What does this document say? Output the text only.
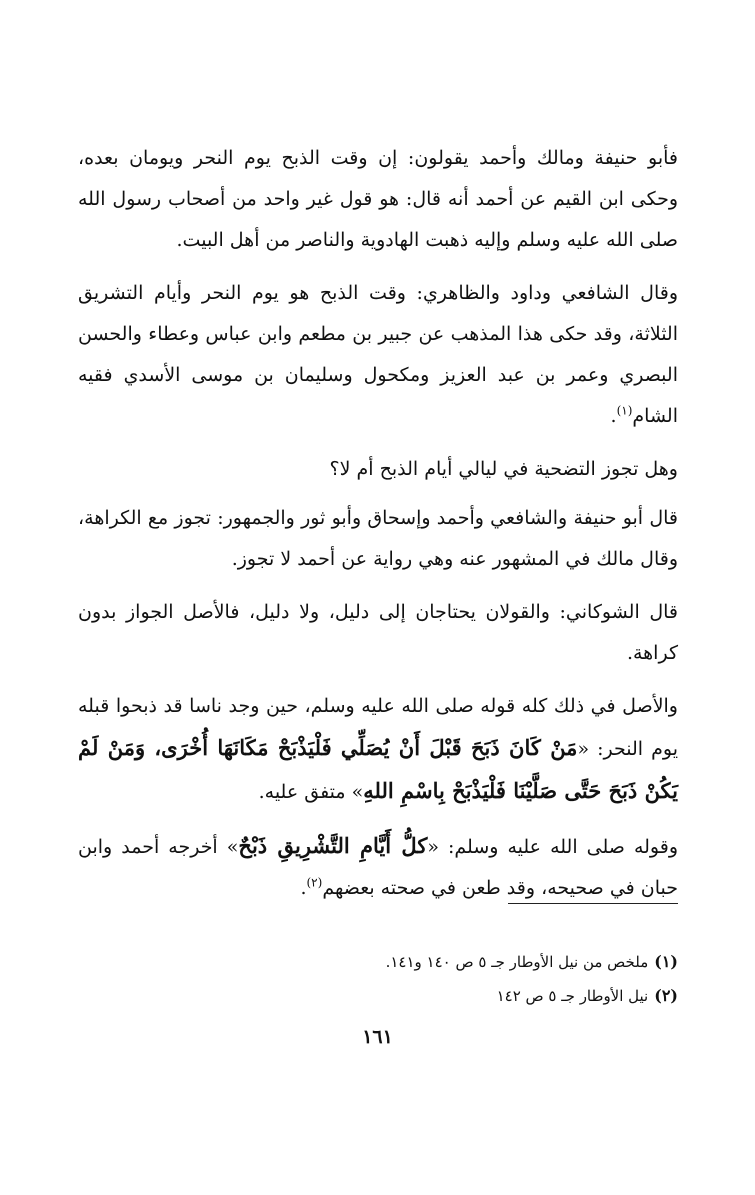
فأبو حنيفة ومالك وأحمد يقولون: إن وقت الذبح يوم النحر ويومان بعده، وحكى ابن القيم عن أحمد أنه قال: هو قول غير واحد من أصحاب رسول الله صلى الله عليه وسلم وإليه ذهبت الهادوية والناصر من أهل البيت.

وقال الشافعي وداود والظاهري: وقت الذبح هو يوم النحر وأيام التشريق الثلاثة، وقد حكى هذا المذهب عن جبير بن مطعم وابن عباس وعطاء والحسن البصري وعمر بن عبد العزيز ومكحول وسليمان بن موسى الأسدي فقيه الشام$^{(١)}$.

وهل تجوز التضحية في ليالي أيام الذبح أم لا؟

قال أبو حنيفة والشافعي وأحمد وإسحاق وأبو ثور والجمهور: تجوز مع الكراهة، وقال مالك في المشهور عنه وهي رواية عن أحمد لا تجوز.

قال الشوكاني: والقولان يحتاجان إلى دليل، ولا دليل، فالأصل الجواز بدون كراهة.

والأصل في ذلك كله قوله صلى الله عليه وسلم، حين وجد ناسا قد ذبحوا قبله يوم النحر: «مَنْ كَانَ ذَبَحَ قَبْلَ أَنْ يُصَلِّي فَلْيَذْبَحْ مَكَانَهَا أُخْرَى، وَمَنْ لَمْ يَكُنْ ذَبَحَ حَتَّى صَلَّيْنَا فَلْيَذْبَحْ بِاسْمِ اللهِ» متفق عليه.

وقوله صلى الله عليه وسلم: «كلُّ أَيَّامِ التَّشْرِيقِ ذَبْحٌ» أخرجه أحمد وابن حبان في صحيحه، وقد طعن في صحته بعضهم$^{(٢)}$.

(١)ملخص من نيل الأوطار جـ ٥ ص ١٤٠ و١٤١.

(٢)نيل الأوطار جـ ٥ ص ١٤٢

١٦١
